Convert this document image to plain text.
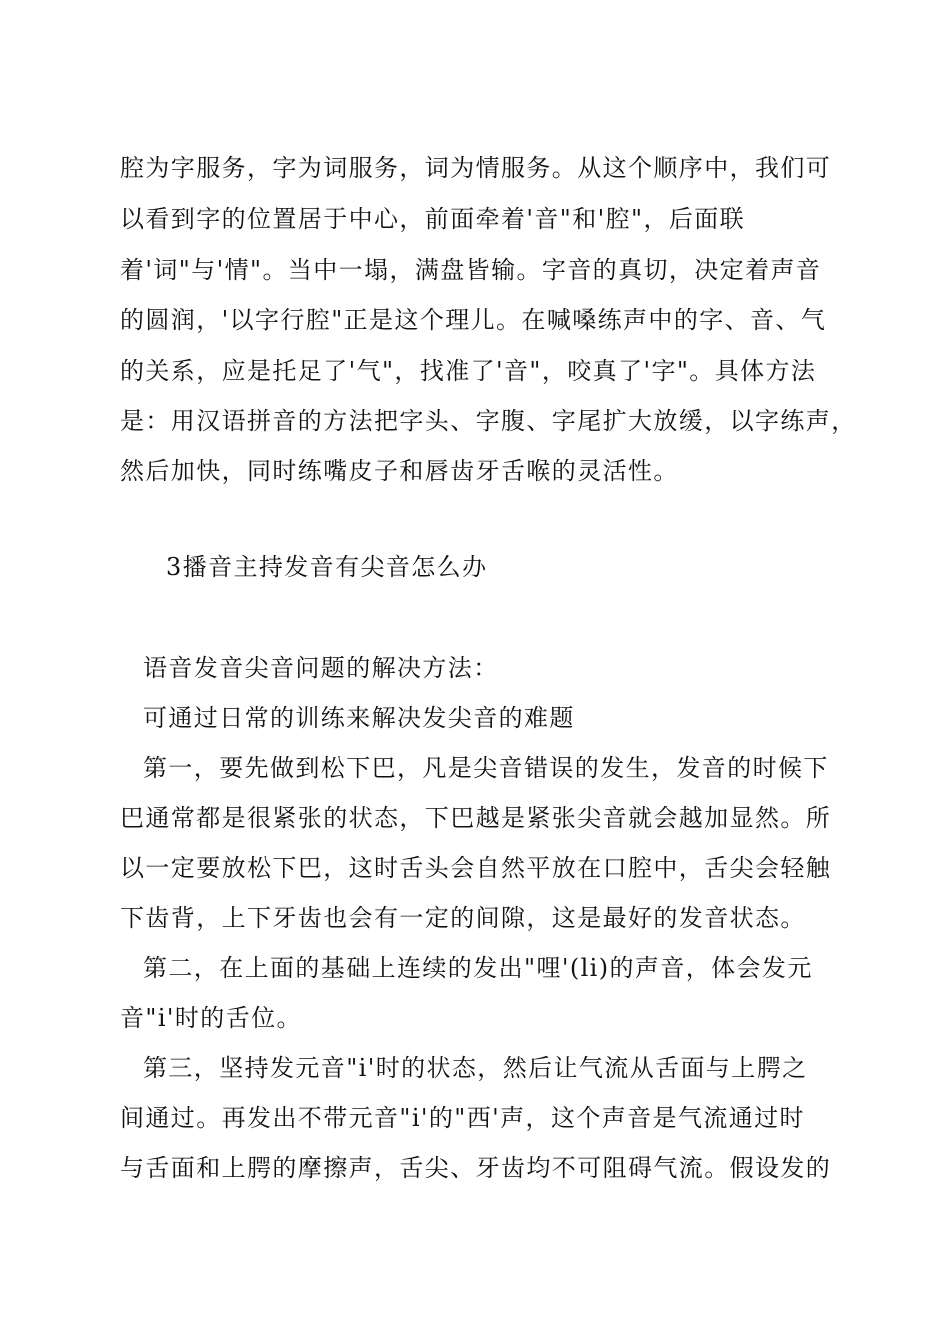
腔为字服务，字为词服务，词为情服务。从这个顺序中，我们可
以看到字的位置居于中心，前面牵着'音"和'腔"，后面联
着'词"与'情"。当中一塌，满盘皆输。字音的真切，决定着声音
的圆润，'以字行腔"正是这个理儿。在喊嗓练声中的字、音、气
的关系，应是托足了'气"，找准了'音"，咬真了'字"。具体方法
是：用汉语拼音的方法把字头、字腹、字尾扩大放缓，以字练声，
然后加快，同时练嘴皮子和唇齿牙舌喉的灵活性。
3播音主持发音有尖音怎么办
语音发音尖音问题的解决方法：
可通过日常的训练来解决发尖音的难题
第一，要先做到松下巴，凡是尖音错误的发生，发音的时候下
巴通常都是很紧张的状态，下巴越是紧张尖音就会越加显然。所
以一定要放松下巴，这时舌头会自然平放在口腔中，舌尖会轻触
下齿背，上下牙齿也会有一定的间隙，这是最好的发音状态。
第二，在上面的基础上连续的发出"哩'(li)的声音，体会发元
音"i'时的舌位。
第三，坚持发元音"i'时的状态，然后让气流从舌面与上腭之
间通过。再发出不带元音"i'的"西'声，这个声音是气流通过时
与舌面和上腭的摩擦声，舌尖、牙齿均不可阻碍气流。假设发的
